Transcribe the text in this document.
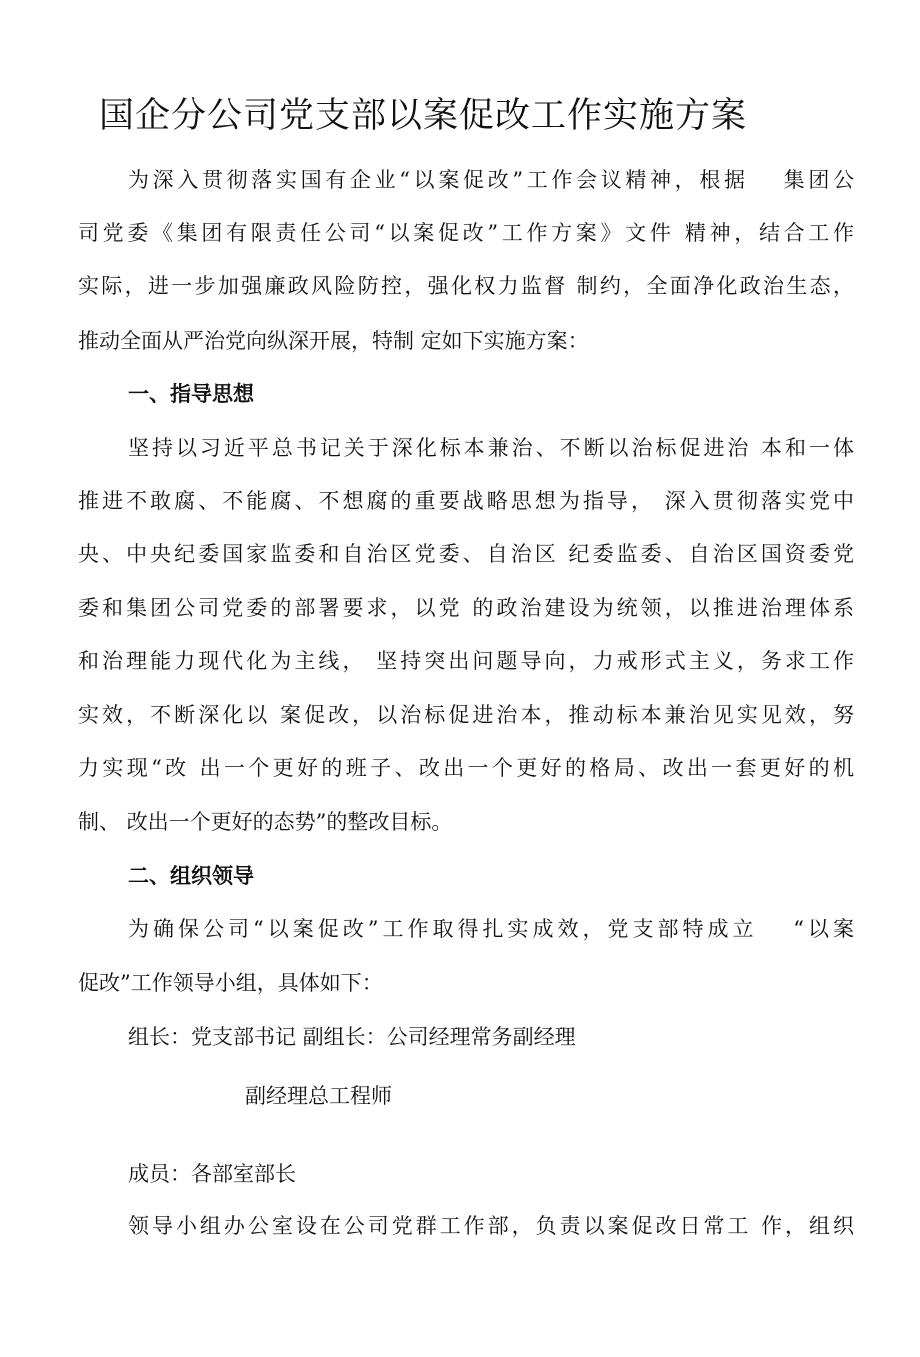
国企分公司党支部以案促改工作实施方案
为深入贯彻落实国有企业“以案促改”工作会议精神，根据　 集团公
司党委《集团有限责任公司“以案促改”工作方案》文件 精神，结合工作
实际，进一步加强廉政风险防控，强化权力监督 制约，全面净化政治生态，
推动全面从严治党向纵深开展，特制 定如下实施方案：
一、指导思想
坚持以习近平总书记关于深化标本兼治、不断以治标促进治 本和一体
推进不敢腐、不能腐、不想腐的重要战略思想为指导， 深入贯彻落实党中
央、中央纪委国家监委和自治区党委、自治区 纪委监委、自治区国资委党
委和集团公司党委的部署要求，以党 的政治建设为统领，以推进治理体系
和治理能力现代化为主线， 坚持突出问题导向，力戒形式主义，务求工作
实效，不断深化以 案促改，以治标促进治本，推动标本兼治见实见效，努
力实现“改 出一个更好的班子、改出一个更好的格局、改出一套更好的机
制、 改出一个更好的态势”的整改目标。
二、组织领导
为确保公司“以案促改”工作取得扎实成效，党支部特成立　 “以案
促改”工作领导小组，具体如下：
组长：党支部书记 副组长：公司经理常务副经理
副经理总工程师
成员：各部室部长
领导小组办公室设在公司党群工作部，负责以案促改日常工 作，组织
